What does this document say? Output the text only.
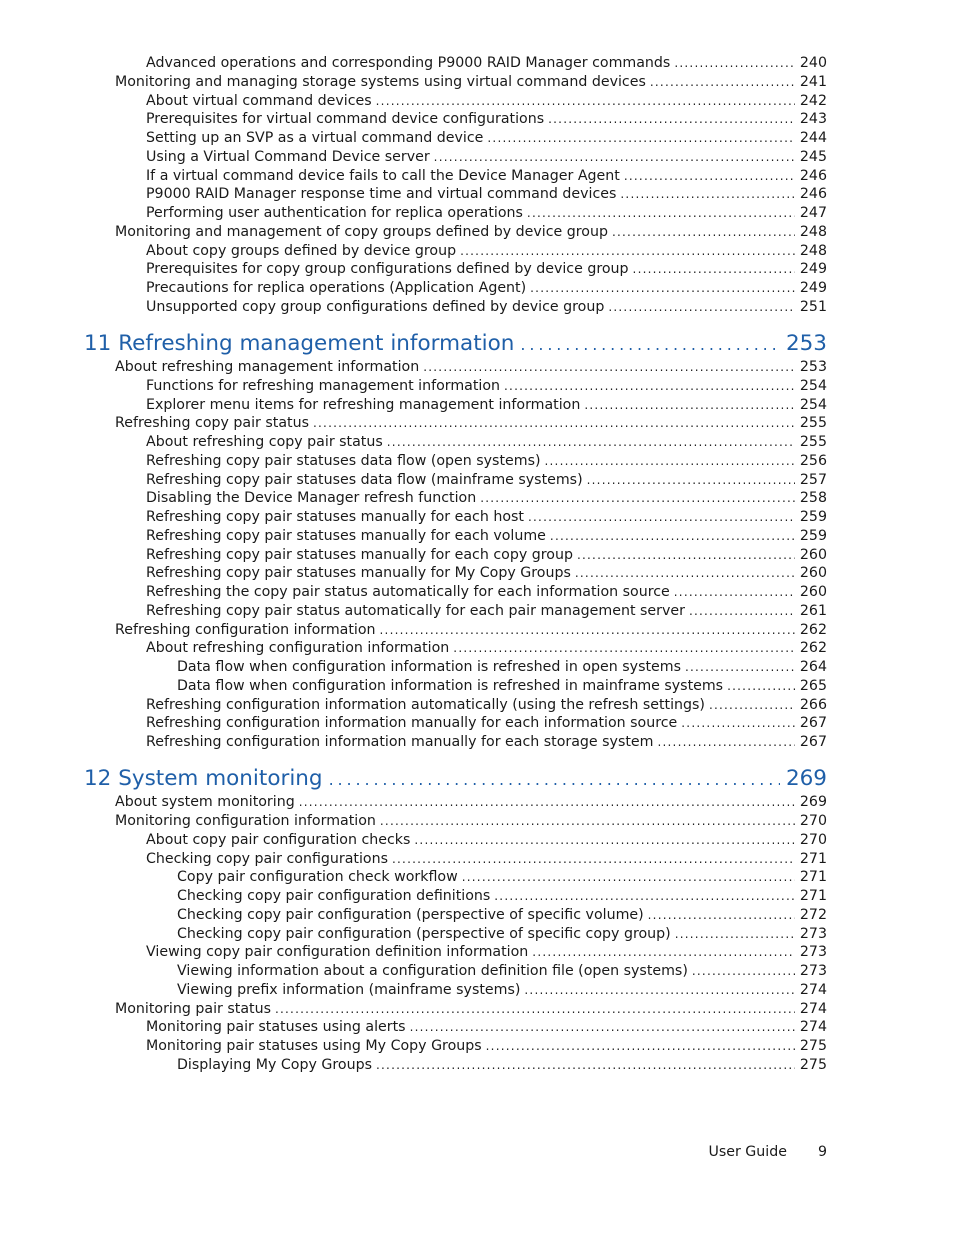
Advanced operations and corresponding P9000 RAID Manager commands . . .	240
Monitoring and managing storage systems using virtual command devices . . .	241
About virtual command devices . . .	242
Prerequisites for virtual command device configurations . . .	243
Setting up an SVP as a virtual command device . . .	244
Using a Virtual Command Device server . . .	245
If a virtual command device fails to call the Device Manager Agent . . .	246
P9000 RAID Manager response time and virtual command devices . . .	246
Performing user authentication for replica operations . . .	247
Monitoring and management of copy groups defined by device group . . .	248
About copy groups defined by device group . . .	248
Prerequisites for copy group configurations defined by device group . . .	249
Precautions for replica operations (Application Agent) . . .	249
Unsupported copy group configurations defined by device group . . .	251
11 Refreshing management information . . .	253
About refreshing management information . . .	253
Functions for refreshing management information . . .	254
Explorer menu items for refreshing management information . . .	254
Refreshing copy pair status . . .	255
About refreshing copy pair status . . .	255
Refreshing copy pair statuses data flow (open systems) . . .	256
Refreshing copy pair statuses data flow (mainframe systems) . . .	257
Disabling the Device Manager refresh function . . .	258
Refreshing copy pair statuses manually for each host . . .	259
Refreshing copy pair statuses manually for each volume . . .	259
Refreshing copy pair statuses manually for each copy group . . .	260
Refreshing copy pair statuses manually for My Copy Groups . . .	260
Refreshing the copy pair status automatically for each information source . . .	260
Refreshing copy pair status automatically for each pair management server . . .	261
Refreshing configuration information . . .	262
About refreshing configuration information . . .	262
Data flow when configuration information is refreshed in open systems . . .	264
Data flow when configuration information is refreshed in mainframe systems . . .	265
Refreshing configuration information automatically (using the refresh settings) . . .	266
Refreshing configuration information manually for each information source . . .	267
Refreshing configuration information manually for each storage system . . .	267
12 System monitoring . . .	269
About system monitoring . . .	269
Monitoring configuration information . . .	270
About copy pair configuration checks . . .	270
Checking copy pair configurations . . .	271
Copy pair configuration check workflow . . .	271
Checking copy pair configuration definitions . . .	271
Checking copy pair configuration (perspective of specific volume) . . .	272
Checking copy pair configuration (perspective of specific copy group) . . .	273
Viewing copy pair configuration definition information . . .	273
Viewing information about a configuration definition file (open systems) . . .	273
Viewing prefix information (mainframe systems) . . .	274
Monitoring pair status . . .	274
Monitoring pair statuses using alerts . . .	274
Monitoring pair statuses using My Copy Groups . . .	275
Displaying My Copy Groups . . .	275
User Guide 9
